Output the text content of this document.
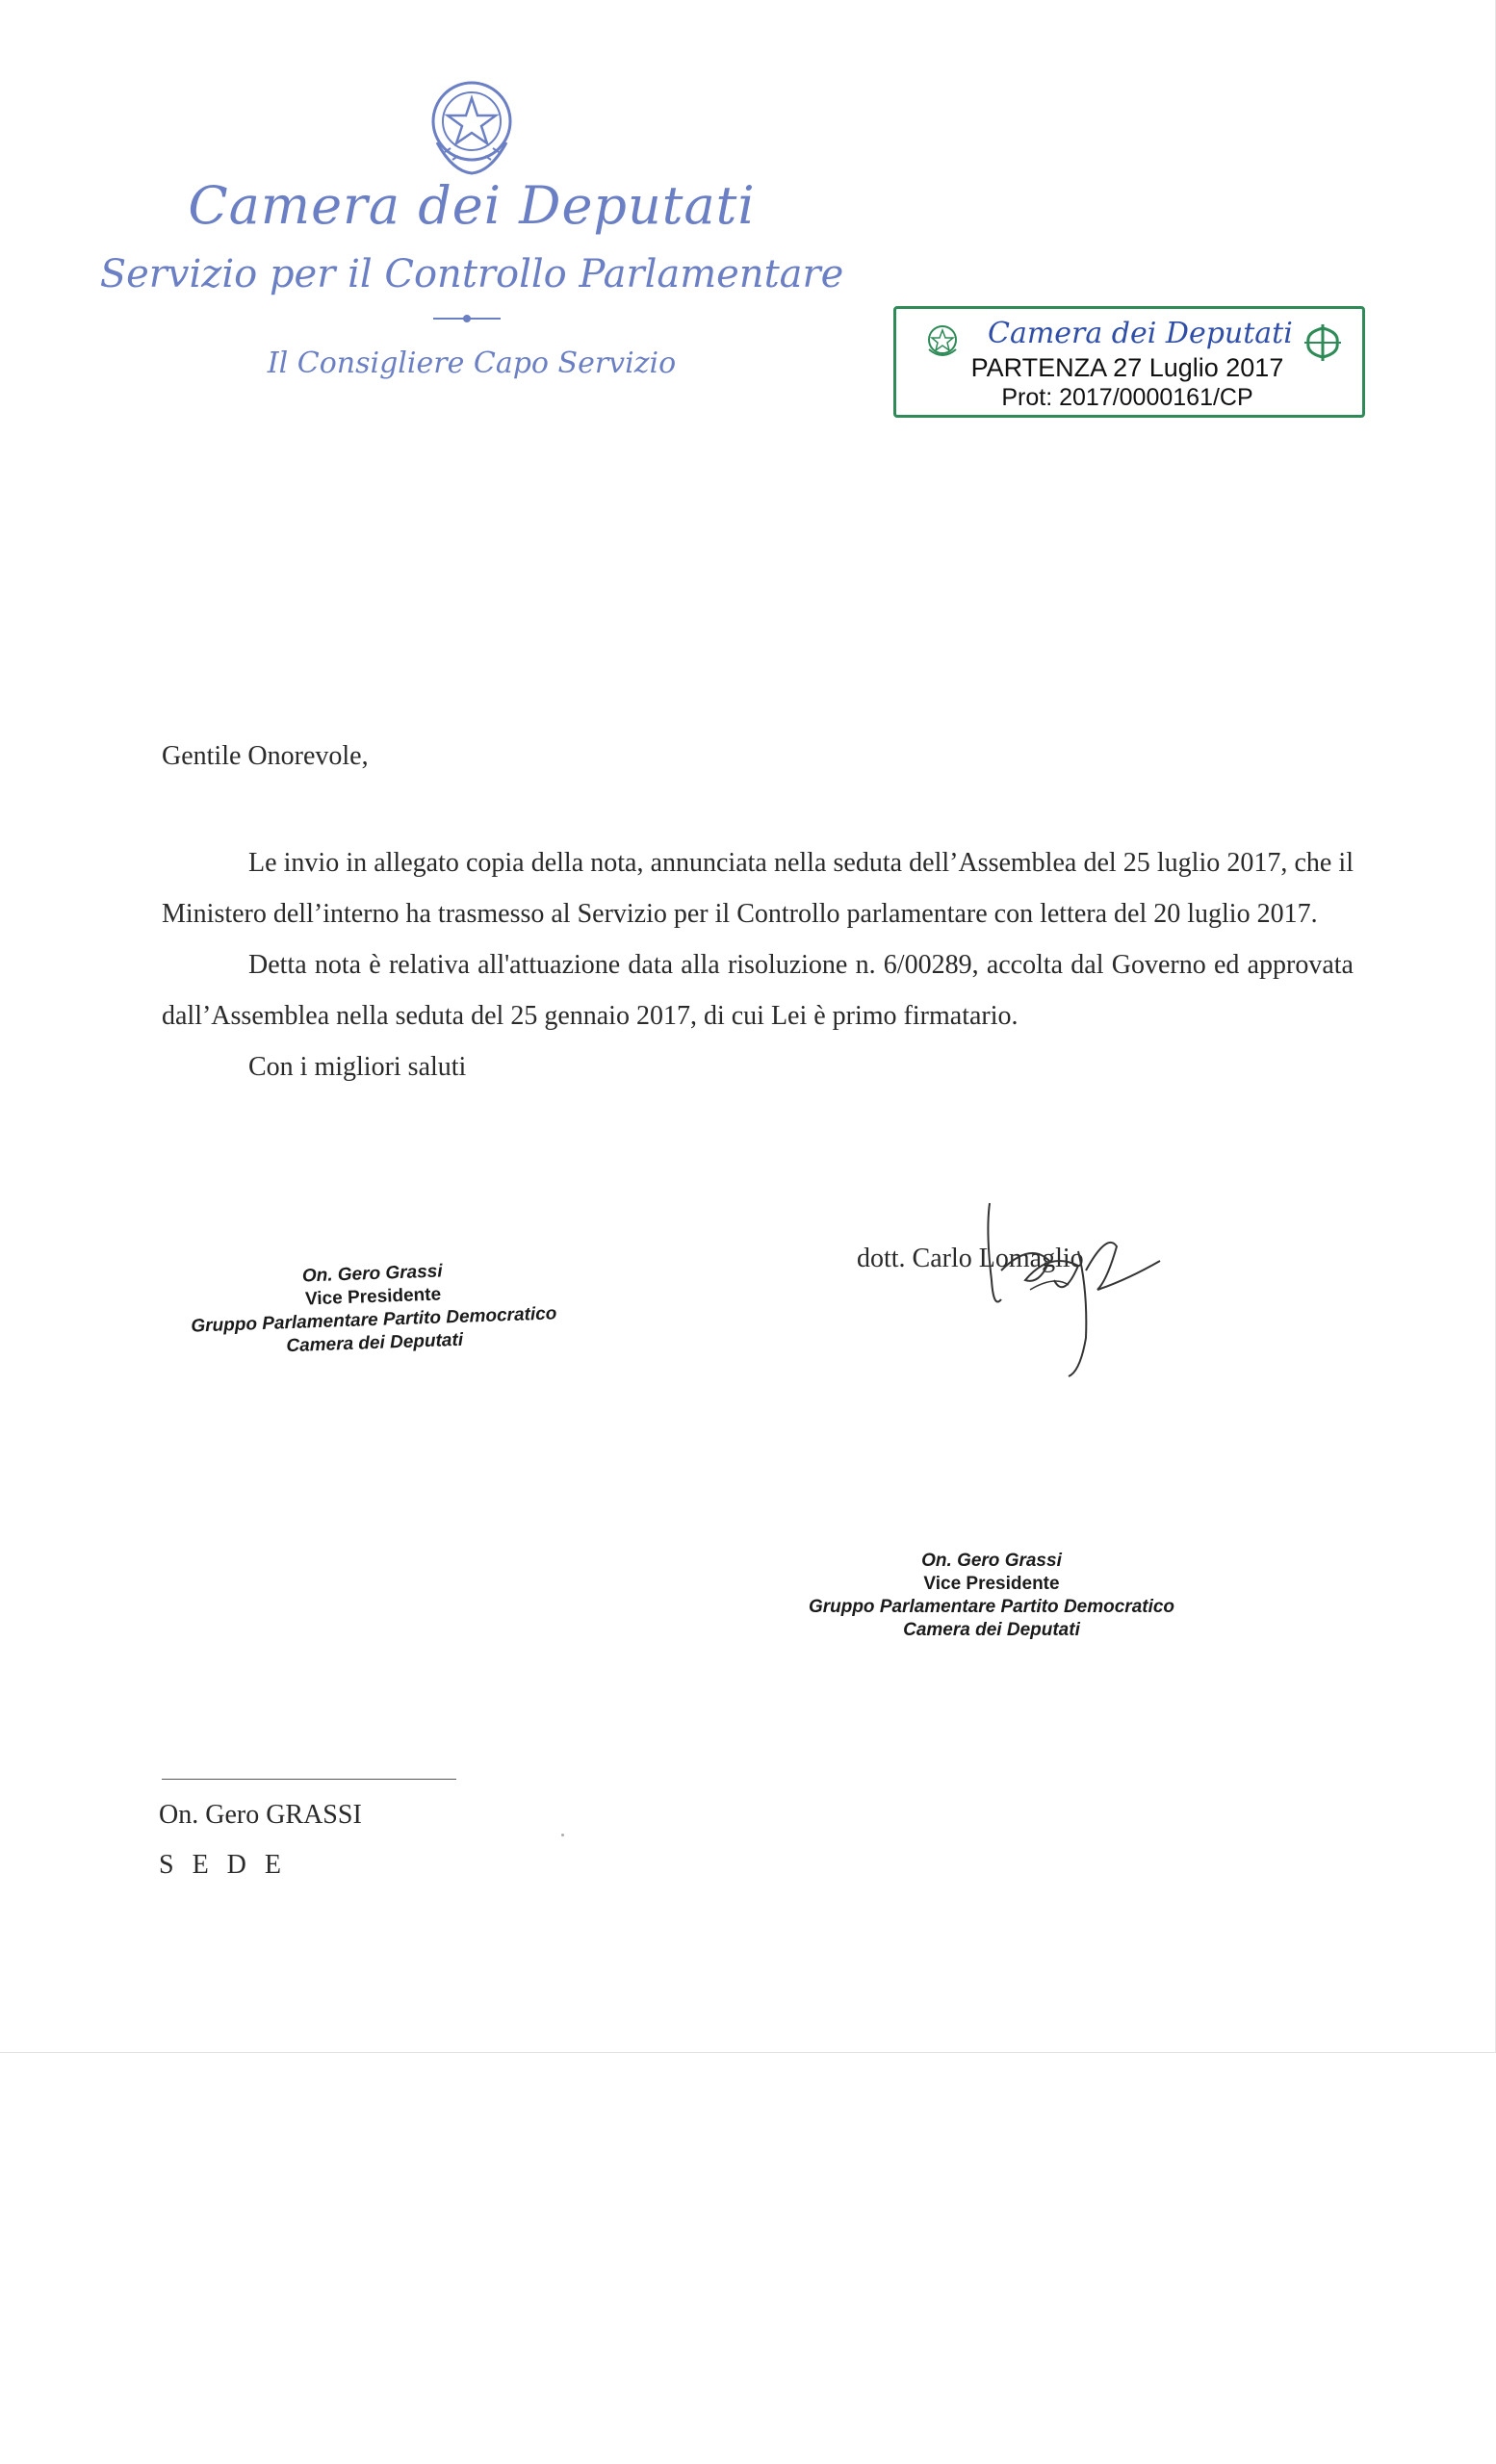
Camera dei Deputati
Servizio per il Controllo Parlamentare
Il Consigliere Capo Servizio
Camera dei Deputati
PARTENZA 27 Luglio 2017
Prot: 2017/0000161/CP
Gentile Onorevole,

Le invio in allegato copia della nota, annunciata nella seduta dell’Assemblea del 25 luglio 2017, che il Ministero dell’interno ha trasmesso al Servizio per il Controllo parlamentare con lettera del 20 luglio 2017.

Detta nota è relativa all'attuazione data alla risoluzione n. 6/00289, accolta dal Governo ed approvata dall’Assemblea nella seduta del 25 gennaio 2017, di cui Lei è primo firmatario.

Con i migliori saluti

On. Gero Grassi
Vice Presidente
Gruppo Parlamentare Partito Democratico
Camera dei Deputati
dott. Carlo Lomaglio
On. Gero Grassi
Vice Presidente
Gruppo Parlamentare Partito Democratico
Camera dei Deputati
On. Gero GRASSI
S E D E
